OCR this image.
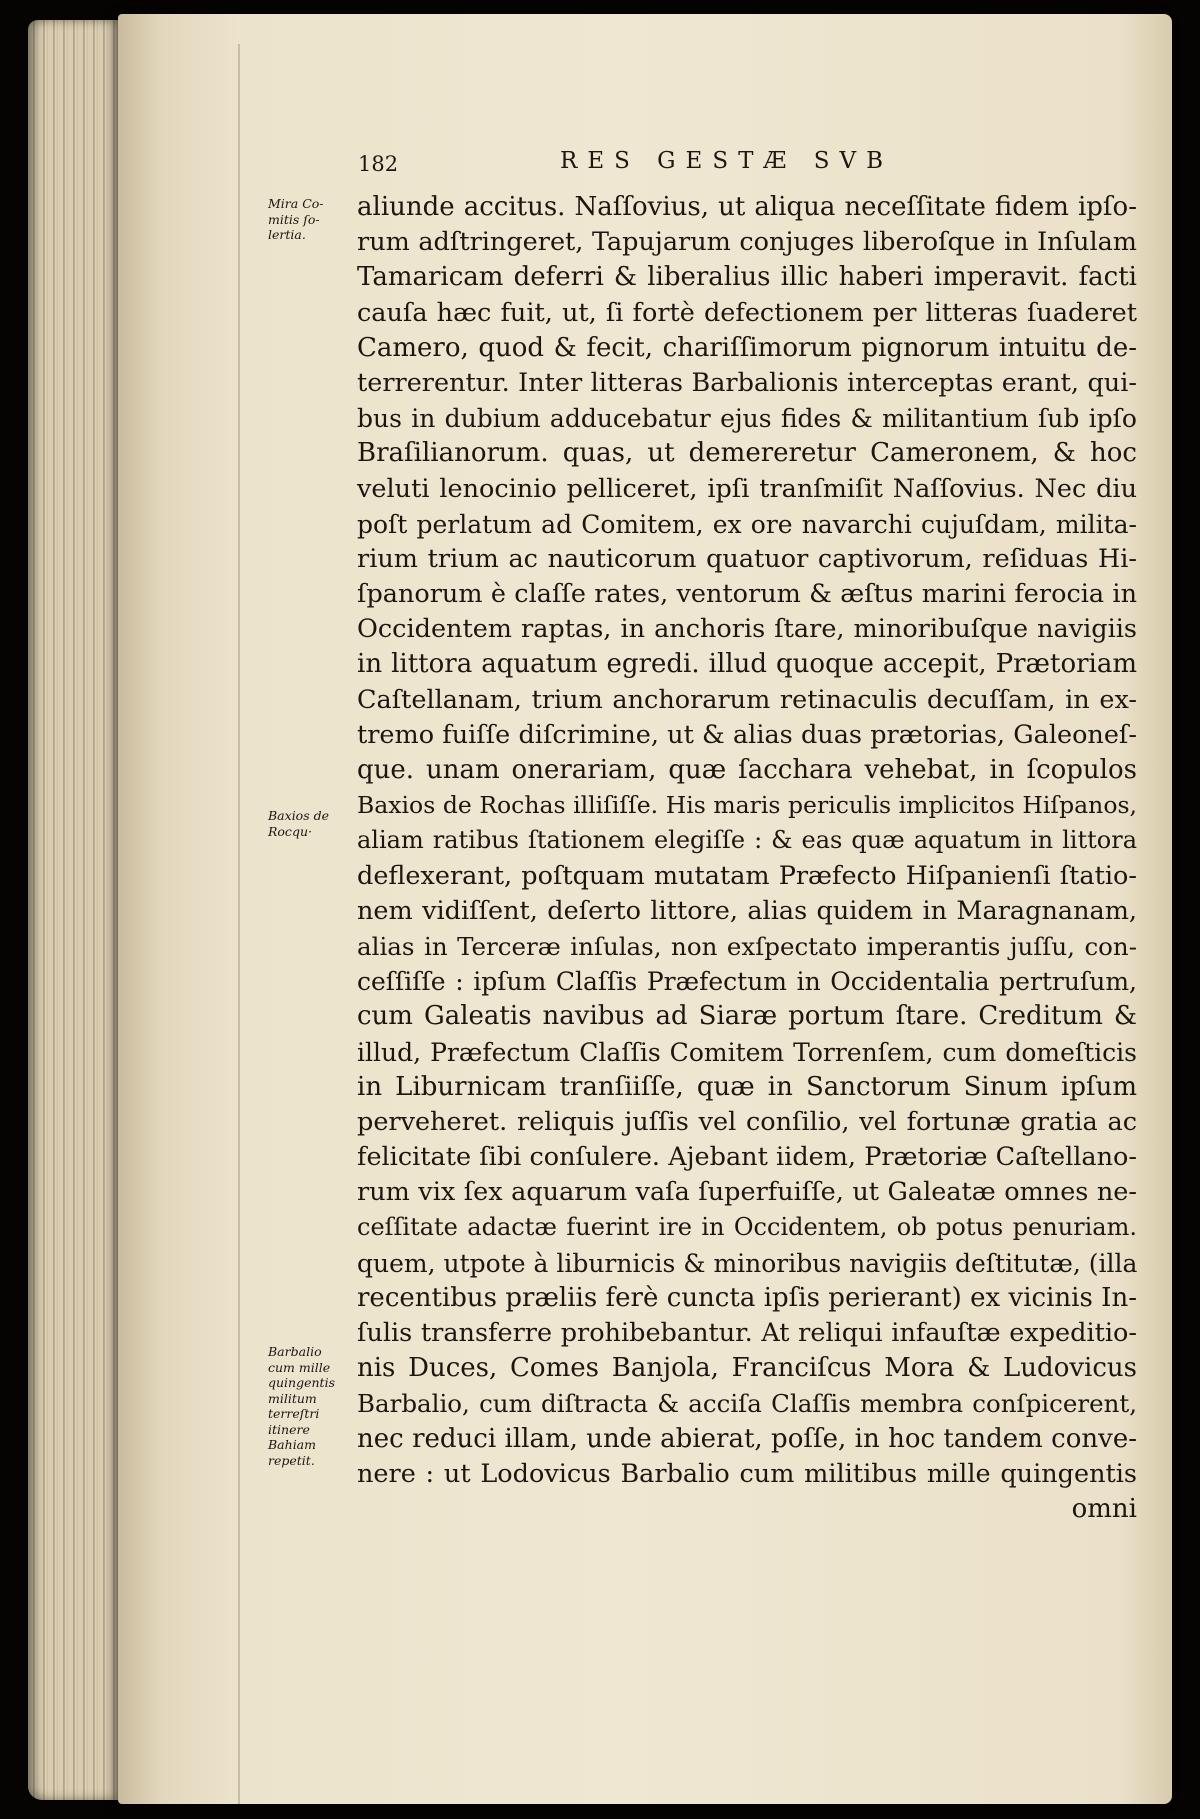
182	RES GESTÆ SVB
Mira Co-
mitis ſo-
lertia.
Baxios de
Rocqu·
Barbalio
cum mille
quingentis
militum
terreſtri
itinere
Bahiam
repetit.
aliunde accitus. Naſſovius, ut aliqua neceſſitate fidem ipſo-
rum adſtringeret, Tapujarum conjuges liberoſque in Inſulam
Tamaricam deferri & liberalius illic haberi imperavit. facti
cauſa hæc fuit, ut, ſi fortè defectionem per litteras ſuaderet
Camero, quod & fecit, chariſſimorum pignorum intuitu de-
terrerentur. Inter litteras Barbalionis interceptas erant, qui-
bus in dubium adducebatur ejus fides & militantium ſub ipſo
Braſilianorum. quas, ut demereretur Cameronem, & hoc
veluti lenocinio pelliceret, ipſi tranſmiſit Naſſovius. Nec diu
poſt perlatum ad Comitem, ex ore navarchi cujuſdam, milita-
rium trium ac nauticorum quatuor captivorum, reſiduas Hi-
ſpanorum è claſſe rates, ventorum & æſtus marini ferocia in
Occidentem raptas, in anchoris ſtare, minoribuſque navigiis
in littora aquatum egredi. illud quoque accepit, Prætoriam
Caſtellanam, trium anchorarum retinaculis decuſſam, in ex-
tremo fuiſſe diſcrimine, ut & alias duas prætorias, Galeoneſ-
que. unam onerariam, quæ ſacchara vehebat, in ſcopulos
Baxios de Rochas illiſiſſe. His maris periculis implicitos Hiſpanos,
aliam ratibus ſtationem elegiſſe : & eas quæ aquatum in littora
deflexerant, poſtquam mutatam Præfecto Hiſpanienſi ſtatio-
nem vidiſſent, deſerto littore, alias quidem in Maragnanam,
alias in Terceræ inſulas, non exſpectato imperantis juſſu, con-
ceſſiſſe : ipſum Claſſis Præfectum in Occidentalia pertruſum,
cum Galeatis navibus ad Siaræ portum ſtare. Creditum &
illud, Præfectum Claſſis Comitem Torrenſem, cum domeſticis
in Liburnicam tranſiiſſe, quæ in Sanctorum Sinum ipſum
perveheret. reliquis juſſis vel conſilio, vel fortunæ gratia ac
felicitate ſibi conſulere. Ajebant iidem, Prætoriæ Caſtellano-
rum vix ſex aquarum vaſa ſuperfuiſſe, ut Galeatæ omnes ne-
ceſſitate adactæ fuerint ire in Occidentem, ob potus penuriam.
quem, utpote à liburnicis & minoribus navigiis deſtitutæ, (illa
recentibus præliis ferè cuncta ipſis perierant) ex vicinis In-
ſulis transferre prohibebantur. At reliqui infauſtæ expeditio-
nis Duces, Comes Banjola, Franciſcus Mora & Ludovicus
Barbalio, cum diſtracta & acciſa Claſſis membra conſpicerent,
nec reduci illam, unde abierat, poſſe, in hoc tandem conve-
nere : ut Lodovicus Barbalio cum militibus mille quingentis
omni
